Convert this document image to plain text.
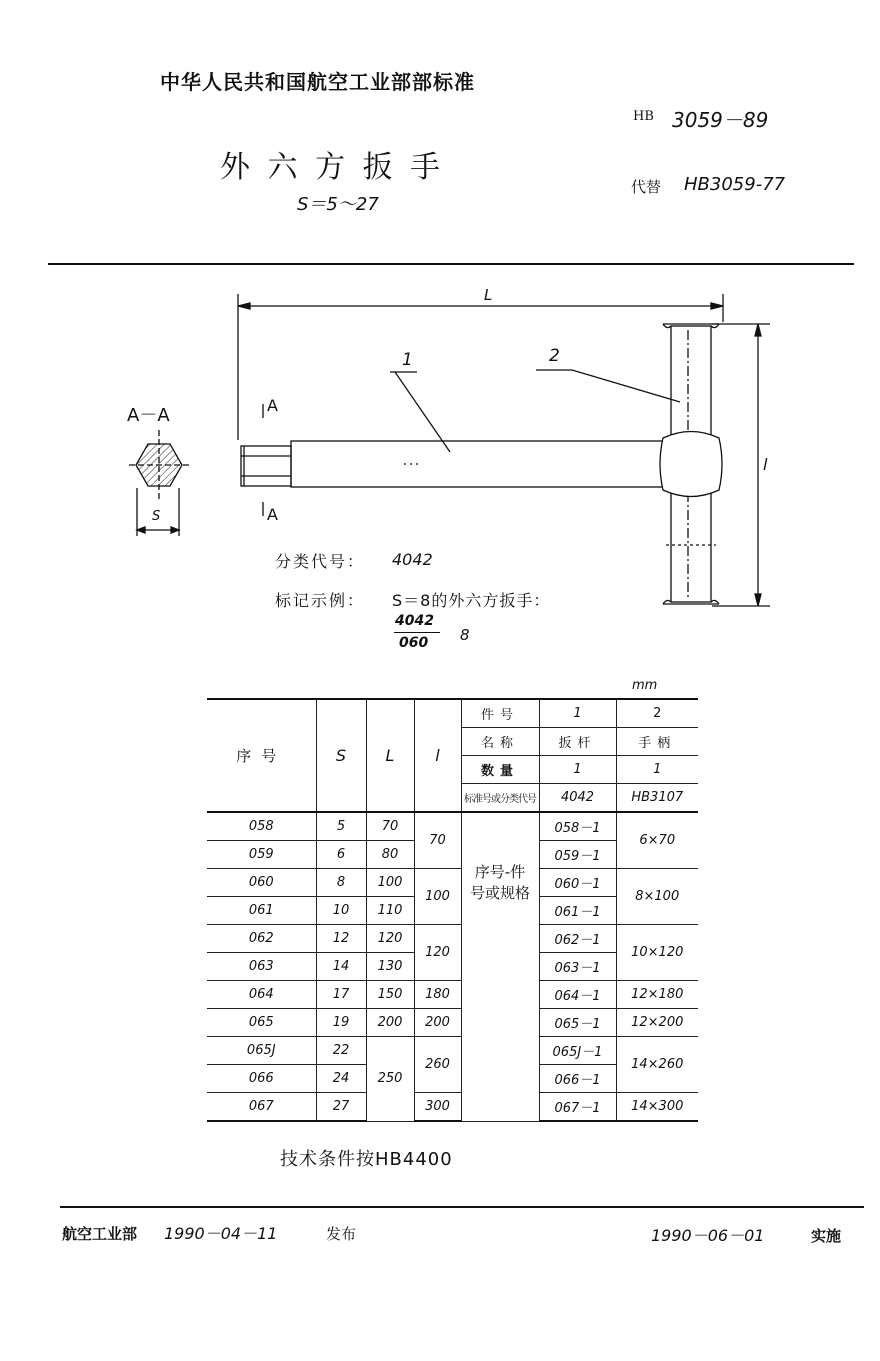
中华人民共和国航空工业部部标准
HB 3059－89
外 六 方 扳 手
S＝5～27
代替 HB3059-77
L
l
1	2
A－A	A
A
S
分类代号： 4042
标记示例： S＝8的外六方扳手：
4042
060 8
mm
序号	S	L	l	件号	1	2
				名称	扳杆	手柄
				数量	1	1
				标准号或分类代号	4042	HB3107
058	5	70	70	序号-件号或规格	058－1	6×70
059	6	80			059－1	
060	8	100	100		060－1	8×100
061	10	110			061－1	
062	12	120	120		062－1	10×120
063	14	130			063－1	
064	17	150	180		064－1	12×180
065	19	200	200		065－1	12×200
065J	22	250	260		065J－1	14×260
066	24				066－1	
067	27		300		067－1	14×300
技术条件按HB4400
航空工业部 1990－04－11	发布	1990－06－01	实施
